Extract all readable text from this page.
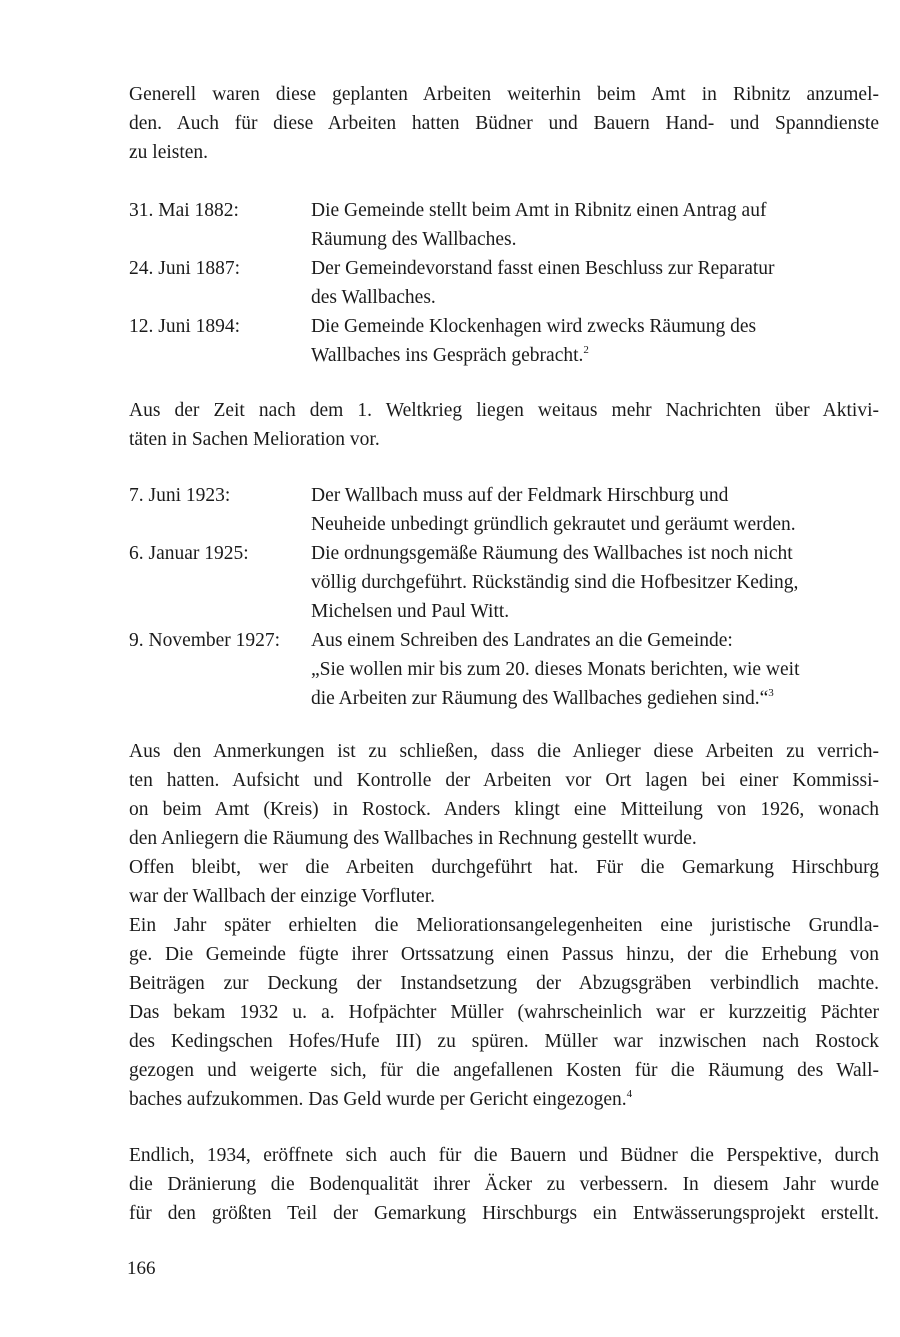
Generell waren diese geplanten Arbeiten weiterhin beim Amt in Ribnitz anzumel-
den. Auch für diese Arbeiten hatten Büdner und Bauern Hand- und Spanndienste
zu leisten.

31. Mai 1882:	Die Gemeinde stellt beim Amt in Ribnitz einen Antrag auf
Räumung des Wallbaches.
24. Juni 1887:	Der Gemeindevorstand fasst einen Beschluss zur Reparatur
des Wallbaches.
12. Juni 1894:	Die Gemeinde Klockenhagen wird zwecks Räumung des
Wallbaches ins Gespräch gebracht.$^2$

Aus der Zeit nach dem 1. Weltkrieg liegen weitaus mehr Nachrichten über Aktivi-
täten in Sachen Melioration vor.

7. Juni 1923:	Der Wallbach muss auf der Feldmark Hirschburg und
Neuheide unbedingt gründlich gekrautet und geräumt werden.
6. Januar 1925:	Die ordnungsgemäße Räumung des Wallbaches ist noch nicht
völlig durchgeführt. Rückständig sind die Hofbesitzer Keding,
Michelsen und Paul Witt.
9. November 1927:	Aus einem Schreiben des Landrates an die Gemeinde:
„Sie wollen mir bis zum 20. dieses Monats berichten, wie weit
die Arbeiten zur Räumung des Wallbaches gediehen sind.“$^3$

Aus den Anmerkungen ist zu schließen, dass die Anlieger diese Arbeiten zu verrich-
ten hatten. Aufsicht und Kontrolle der Arbeiten vor Ort lagen bei einer Kommissi-
on beim Amt (Kreis) in Rostock. Anders klingt eine Mitteilung von 1926, wonach
den Anliegern die Räumung des Wallbaches in Rechnung gestellt wurde.

Offen bleibt, wer die Arbeiten durchgeführt hat. Für die Gemarkung Hirschburg
war der Wallbach der einzige Vorfluter.

Ein Jahr später erhielten die Meliorationsangelegenheiten eine juristische Grundla-
ge. Die Gemeinde fügte ihrer Ortssatzung einen Passus hinzu, der die Erhebung von
Beiträgen zur Deckung der Instandsetzung der Abzugsgräben verbindlich machte.
Das bekam 1932 u. a. Hofpächter Müller (wahrscheinlich war er kurzzeitig Pächter
des Kedingschen Hofes/Hufe III) zu spüren. Müller war inzwischen nach Rostock
gezogen und weigerte sich, für die angefallenen Kosten für die Räumung des Wall-
baches aufzukommen. Das Geld wurde per Gericht eingezogen.$^4$

Endlich, 1934, eröffnete sich auch für die Bauern und Büdner die Perspektive, durch
die Dränierung die Bodenqualität ihrer Äcker zu verbessern. In diesem Jahr wurde
für den größten Teil der Gemarkung Hirschburgs ein Entwässerungsprojekt erstellt.

166
